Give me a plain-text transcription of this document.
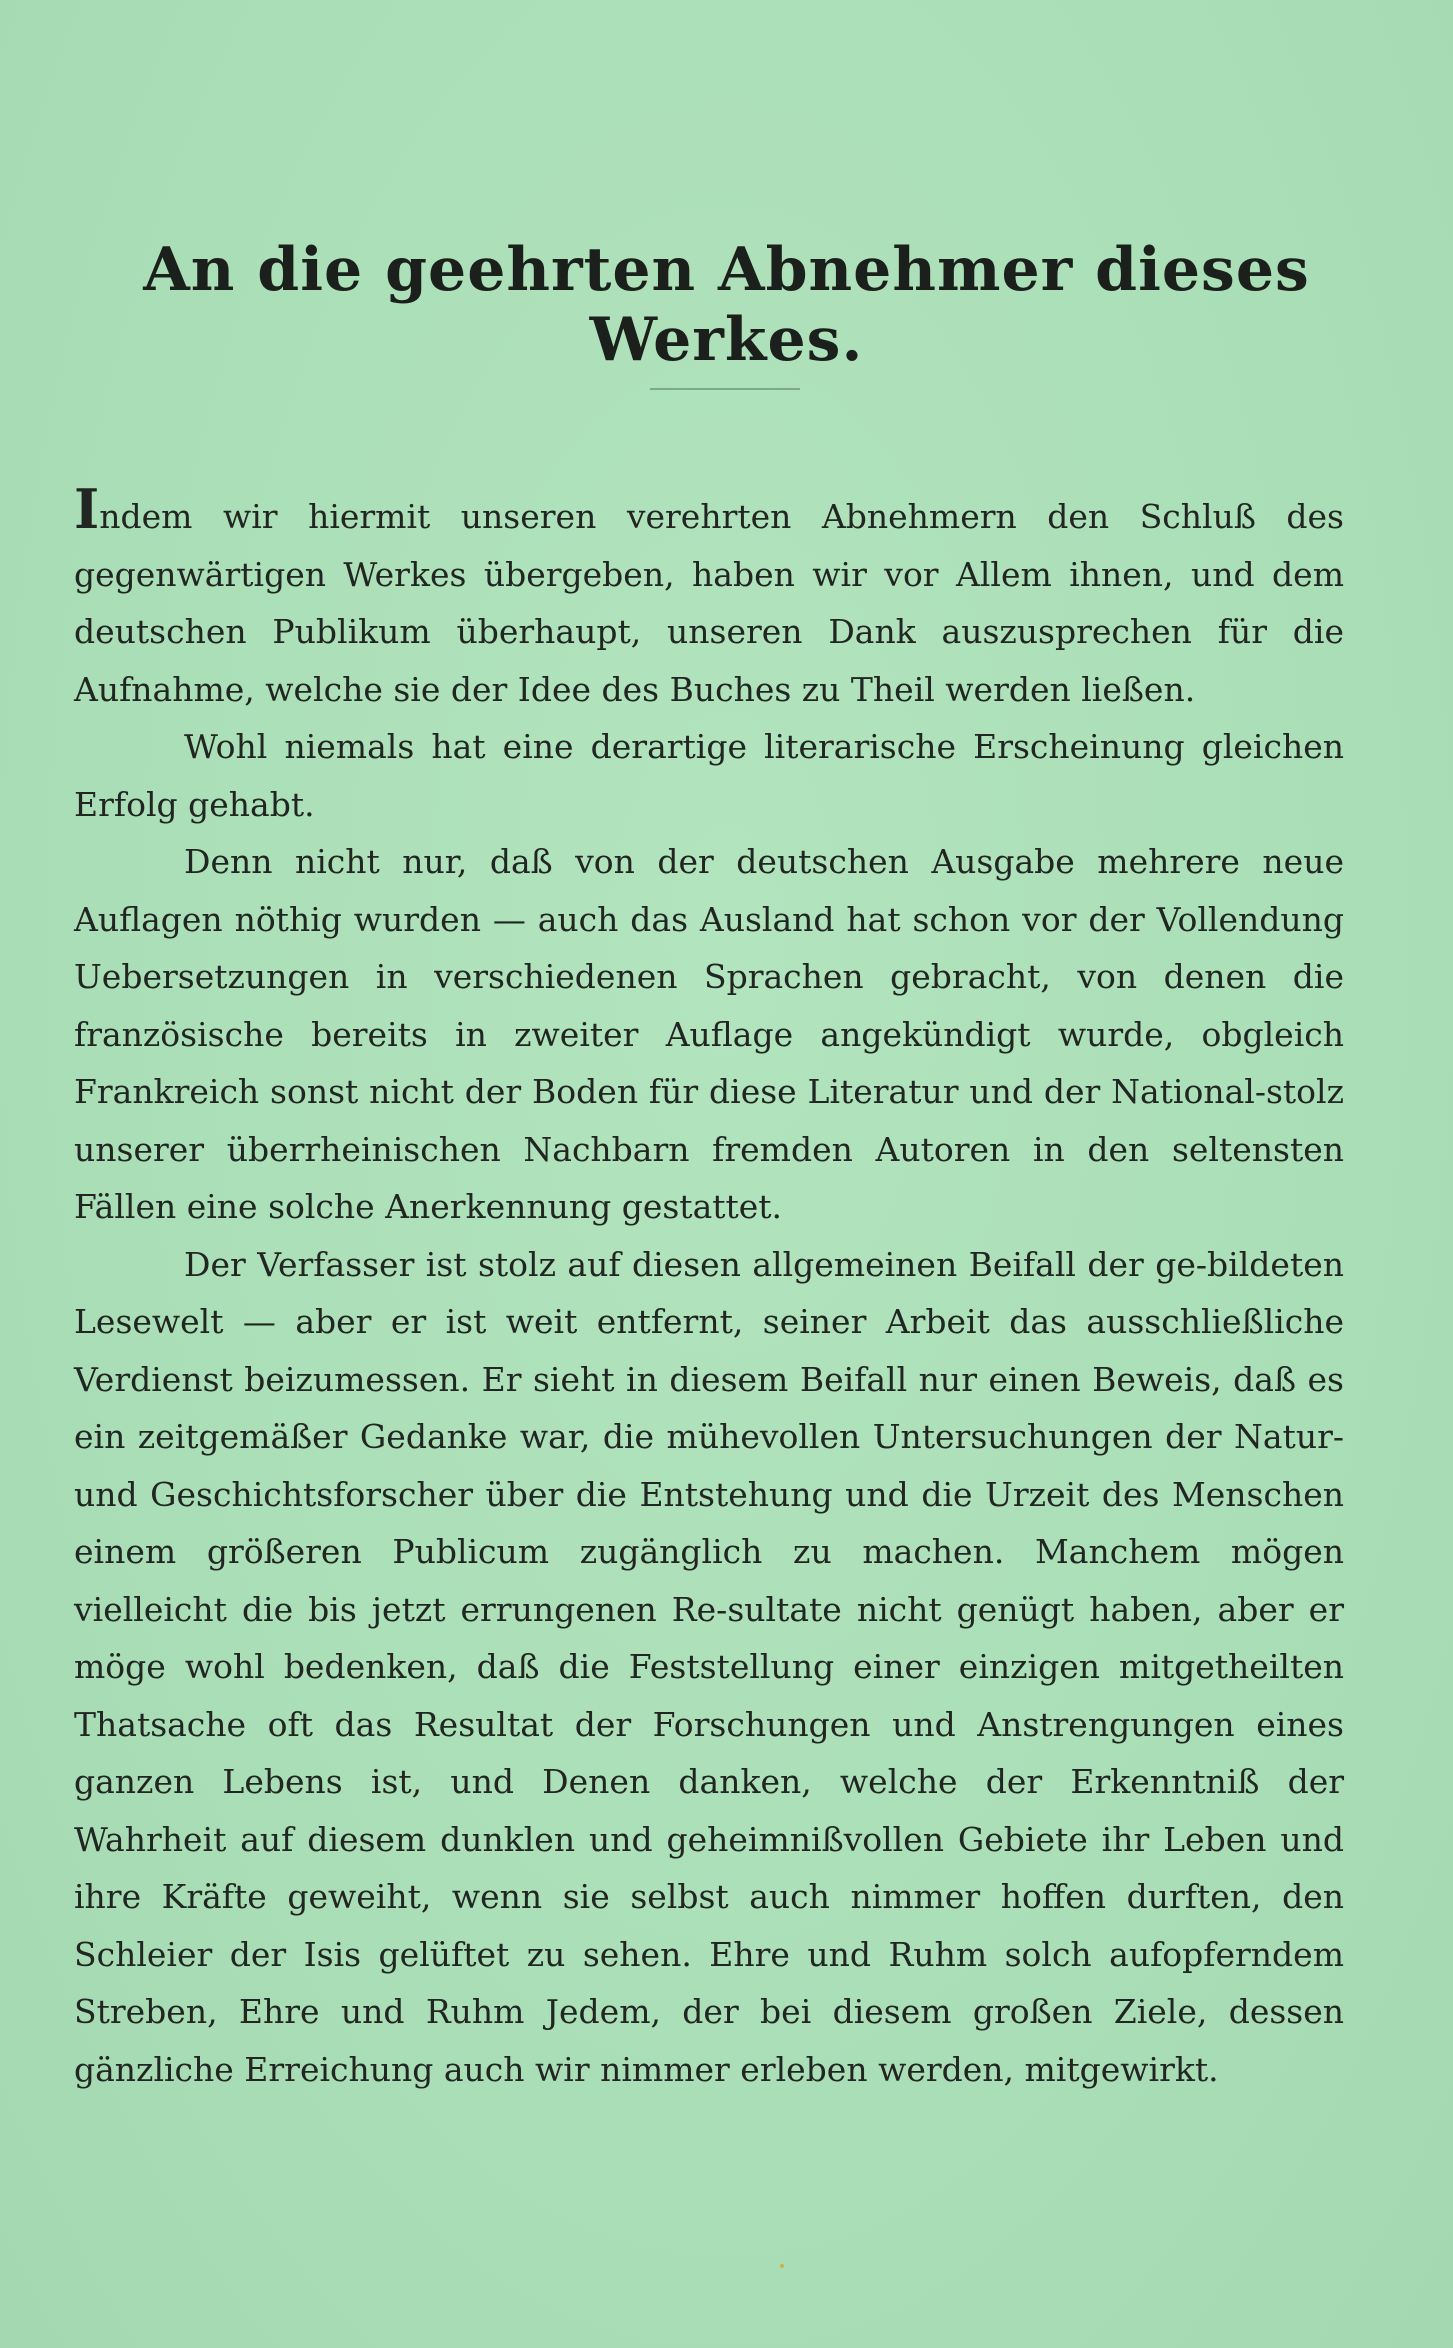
An die geehrten Abnehmer dieses Werkes.

Indem wir hiermit unseren verehrten Abnehmern den Schluß des gegenwärtigen Werkes übergeben, haben wir vor Allem ihnen, und dem deutschen Publikum überhaupt, unseren Dank auszusprechen für die Aufnahme, welche sie der Idee des Buches zu Theil werden ließen.

Wohl niemals hat eine derartige literarische Erscheinung gleichen Erfolg gehabt.

Denn nicht nur, daß von der deutschen Ausgabe mehrere neue Auflagen nöthig wurden — auch das Ausland hat schon vor der Vollendung Uebersetzungen in verschiedenen Sprachen gebracht, von denen die französische bereits in zweiter Auflage angekündigt wurde, obgleich Frankreich sonst nicht der Boden für diese Literatur und der National-stolz unserer überrheinischen Nachbarn fremden Autoren in den seltensten Fällen eine solche Anerkennung gestattet.

Der Verfasser ist stolz auf diesen allgemeinen Beifall der ge-bildeten Lesewelt — aber er ist weit entfernt, seiner Arbeit das ausschließliche Verdienst beizumessen. Er sieht in diesem Beifall nur einen Beweis, daß es ein zeitgemäßer Gedanke war, die mühevollen Untersuchungen der Natur- und Geschichtsforscher über die Entstehung und die Urzeit des Menschen einem größeren Publicum zugänglich zu machen. Manchem mögen vielleicht die bis jetzt errungenen Re-sultate nicht genügt haben, aber er möge wohl bedenken, daß die Feststellung einer einzigen mitgetheilten Thatsache oft das Resultat der Forschungen und Anstrengungen eines ganzen Lebens ist, und Denen danken, welche der Erkenntniß der Wahrheit auf diesem dunklen und geheimnißvollen Gebiete ihr Leben und ihre Kräfte geweiht, wenn sie selbst auch nimmer hoffen durften, den Schleier der Isis gelüftet zu sehen. Ehre und Ruhm solch aufopferndem Streben, Ehre und Ruhm Jedem, der bei diesem großen Ziele, dessen gänzliche Erreichung auch wir nimmer erleben werden, mitgewirkt.
